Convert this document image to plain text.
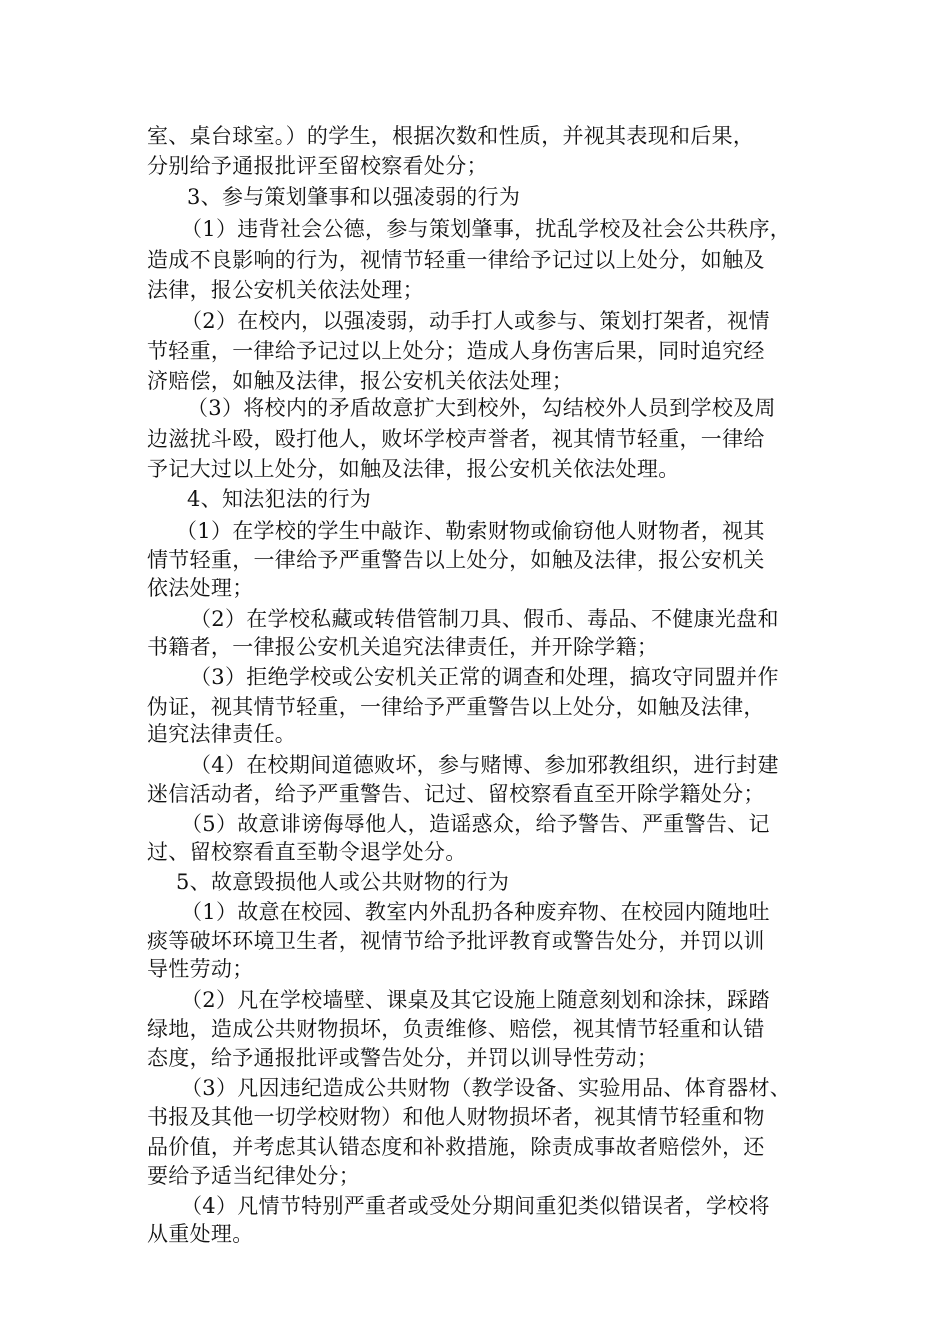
室、桌台球室。）的学生，根据次数和性质，并视其表现和后果，
分别给予通报批评至留校察看处分；
3、参与策划肇事和以强凌弱的行为
（1）违背社会公德，参与策划肇事，扰乱学校及社会公共秩序，
造成不良影响的行为，视情节轻重一律给予记过以上处分，如触及
法律，报公安机关依法处理；
（2）在校内，以强凌弱，动手打人或参与、策划打架者，视情
节轻重，一律给予记过以上处分；造成人身伤害后果，同时追究经
济赔偿，如触及法律，报公安机关依法处理；
（3）将校内的矛盾故意扩大到校外，勾结校外人员到学校及周
边滋扰斗殴，殴打他人，败坏学校声誉者，视其情节轻重，一律给
予记大过以上处分，如触及法律，报公安机关依法处理。
4、知法犯法的行为
（1）在学校的学生中敲诈、勒索财物或偷窃他人财物者，视其
情节轻重，一律给予严重警告以上处分，如触及法律，报公安机关
依法处理；
（2）在学校私藏或转借管制刀具、假币、毒品、不健康光盘和
书籍者，一律报公安机关追究法律责任，并开除学籍；
（3）拒绝学校或公安机关正常的调查和处理，搞攻守同盟并作
伪证，视其情节轻重，一律给予严重警告以上处分，如触及法律，
追究法律责任。
（4）在校期间道德败坏，参与赌博、参加邪教组织，进行封建
迷信活动者，给予严重警告、记过、留校察看直至开除学籍处分；
（5）故意诽谤侮辱他人，造谣惑众，给予警告、严重警告、记
过、留校察看直至勒令退学处分。
5、故意毁损他人或公共财物的行为
（1）故意在校园、教室内外乱扔各种废弃物、在校园内随地吐
痰等破坏环境卫生者，视情节给予批评教育或警告处分，并罚以训
导性劳动；
（2）凡在学校墙壁、课桌及其它设施上随意刻划和涂抹，踩踏
绿地，造成公共财物损坏，负责维修、赔偿，视其情节轻重和认错
态度，给予通报批评或警告处分，并罚以训导性劳动；
（3）凡因违纪造成公共财物（教学设备、实验用品、体育器材、
书报及其他一切学校财物）和他人财物损坏者，视其情节轻重和物
品价值，并考虑其认错态度和补救措施，除责成事故者赔偿外，还
要给予适当纪律处分；
（4）凡情节特别严重者或受处分期间重犯类似错误者，学校将
从重处理。
